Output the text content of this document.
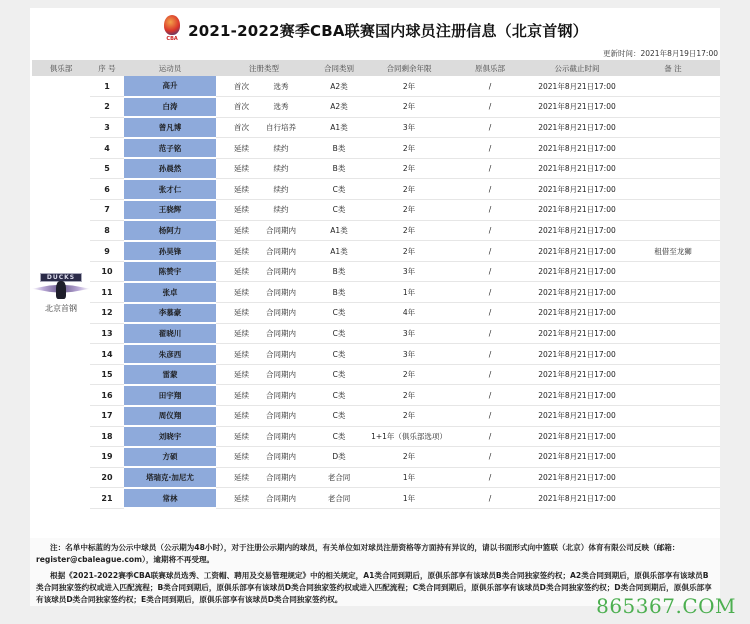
CBA 2021-2022赛季CBA联赛国内球员注册信息（北京首钢）
更新时间：2021年8月19日17:00
俱乐部	序 号	运动员	注册类型	合同类别	合同剩余年限	原俱乐部	公示截止时间	备 注

DUCKS
北京首钢
	1	高升	首次	选秀	A2类	2年	/	2021年8月21日17:00	
	2	白涛	首次 选秀	A2类	2年	/	2021年8月21日17:00	
	3	曾凡博	首次 自行培养	A1类	3年	/	2021年8月21日17:00	
	4	范子铭	延续 续约	B类	2年	/	2021年8月21日17:00	
	5	孙晨然	延续 续约	B类	2年	/	2021年8月21日17:00	
	6	张才仁	延续 续约	C类	2年	/	2021年8月21日17:00	
	7	王骁辉	延续 续约	C类	2年	/	2021年8月21日17:00	
	8	杨阿力	延续 合同期内	A1类	2年	/	2021年8月21日17:00	
	9	孙昊锋	延续 合同期内	A1类	2年	/	2021年8月21日17:00	租借至龙狮
	10	陈赞宇	延续 合同期内	B类	3年	/	2021年8月21日17:00	
	11	张卓	延续 合同期内	B类	1年	/	2021年8月21日17:00	
	12	李慕豪	延续 合同期内	C类	4年	/	2021年8月21日17:00	
	13	翟晓川	延续 合同期内	C类	3年	/	2021年8月21日17:00	
	14	朱彦西	延续 合同期内	C类	3年	/	2021年8月21日17:00	
	15	雷蒙	延续 合同期内	C类	2年	/	2021年8月21日17:00	
	16	田宇翔	延续 合同期内	C类	2年	/	2021年8月21日17:00	
	17	周仪翔	延续 合同期内	C类	2年	/	2021年8月21日17:00	
	18	刘晓宇	延续 合同期内	C类	1+1年（俱乐部选项）	/	2021年8月21日17:00	
	19	方硕	延续 合同期内	D类	2年	/	2021年8月21日17:00	
	20	塔瑞克·加尼尤	延续 合同期内	老合同	1年	/	2021年8月21日17:00	
	21	常林	延续 合同期内	老合同	1年	/	2021年8月21日17:00	

注：名单中标蓝的为公示中球员（公示期为48小时），对于注册公示期内的球员，有关单位如对球员注册资格等方面持有异议的，请以书面形式向中篮联（北京）体育有限公司反映（邮箱：register@cbaleague.com），逾期将不再受理。

根据《2021-2022赛季CBA联赛球员选秀、工资帽、聘用及交易管理规定》中的相关规定，A1类合同到期后，原俱乐部享有该球员B类合同独家签约权；A2类合同到期后，原俱乐部享有该球员B类合同独家签约权或进入匹配流程；B类合同到期后，原俱乐部享有该球员D类合同独家签约权或进入匹配流程；C类合同到期后，原俱乐部享有该球员D类合同独家签约权；D类合同到期后，原俱乐部享有该球员D类合同独家签约权；E类合同到期后，原俱乐部享有该球员D类合同独家签约权。	865367.COM
